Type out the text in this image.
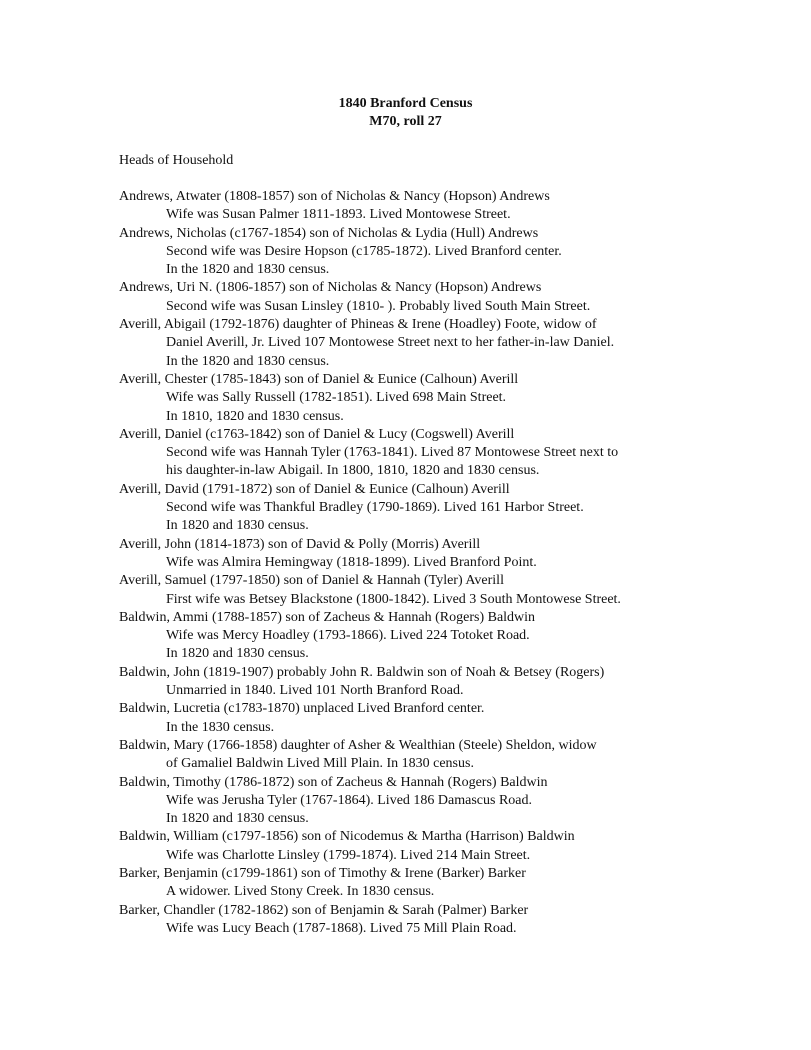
1840 Branford Census
M70, roll 27
Heads of Household
Andrews, Atwater (1808-1857) son of Nicholas & Nancy (Hopson) Andrews
Wife was Susan Palmer 1811-1893. Lived Montowese Street.
Andrews, Nicholas (c1767-1854) son of Nicholas & Lydia (Hull) Andrews
Second wife was Desire Hopson (c1785-1872). Lived Branford center.
In the 1820 and 1830 census.
Andrews, Uri N. (1806-1857) son of Nicholas & Nancy (Hopson) Andrews
Second wife was Susan Linsley (1810- ). Probably lived South Main Street.
Averill, Abigail (1792-1876) daughter of Phineas & Irene (Hoadley) Foote, widow of
Daniel Averill, Jr. Lived 107 Montowese Street next to her father-in-law Daniel.
In the 1820 and 1830 census.
Averill, Chester (1785-1843) son of Daniel & Eunice (Calhoun) Averill
Wife was Sally Russell (1782-1851). Lived 698 Main Street.
In 1810, 1820 and 1830 census.
Averill, Daniel (c1763-1842) son of Daniel & Lucy (Cogswell) Averill
Second wife was Hannah Tyler (1763-1841). Lived 87 Montowese Street next to
his daughter-in-law Abigail. In 1800, 1810, 1820 and 1830 census.
Averill, David (1791-1872) son of Daniel & Eunice (Calhoun) Averill
Second wife was Thankful Bradley (1790-1869). Lived 161 Harbor Street.
In 1820 and 1830 census.
Averill, John (1814-1873) son of David & Polly (Morris) Averill
Wife was Almira Hemingway (1818-1899). Lived Branford Point.
Averill, Samuel (1797-1850) son of Daniel & Hannah (Tyler) Averill
First wife was Betsey Blackstone (1800-1842). Lived 3 South Montowese Street.
Baldwin, Ammi (1788-1857) son of Zacheus & Hannah (Rogers) Baldwin
Wife was Mercy Hoadley (1793-1866). Lived 224 Totoket Road.
In 1820 and 1830 census.
Baldwin, John (1819-1907) probably John R. Baldwin son of Noah & Betsey (Rogers)
Unmarried in 1840. Lived 101 North Branford Road.
Baldwin, Lucretia (c1783-1870) unplaced Lived Branford center.
In the 1830 census.
Baldwin, Mary (1766-1858) daughter of Asher & Wealthian (Steele) Sheldon, widow
of Gamaliel Baldwin Lived Mill Plain. In 1830 census.
Baldwin, Timothy (1786-1872) son of Zacheus & Hannah (Rogers) Baldwin
Wife was Jerusha Tyler (1767-1864). Lived 186 Damascus Road.
In 1820 and 1830 census.
Baldwin, William (c1797-1856) son of Nicodemus & Martha (Harrison) Baldwin
Wife was Charlotte Linsley (1799-1874). Lived 214 Main Street.
Barker, Benjamin (c1799-1861) son of Timothy & Irene (Barker) Barker
A widower. Lived Stony Creek. In 1830 census.
Barker, Chandler (1782-1862) son of Benjamin & Sarah (Palmer) Barker
Wife was Lucy Beach (1787-1868). Lived 75 Mill Plain Road.
